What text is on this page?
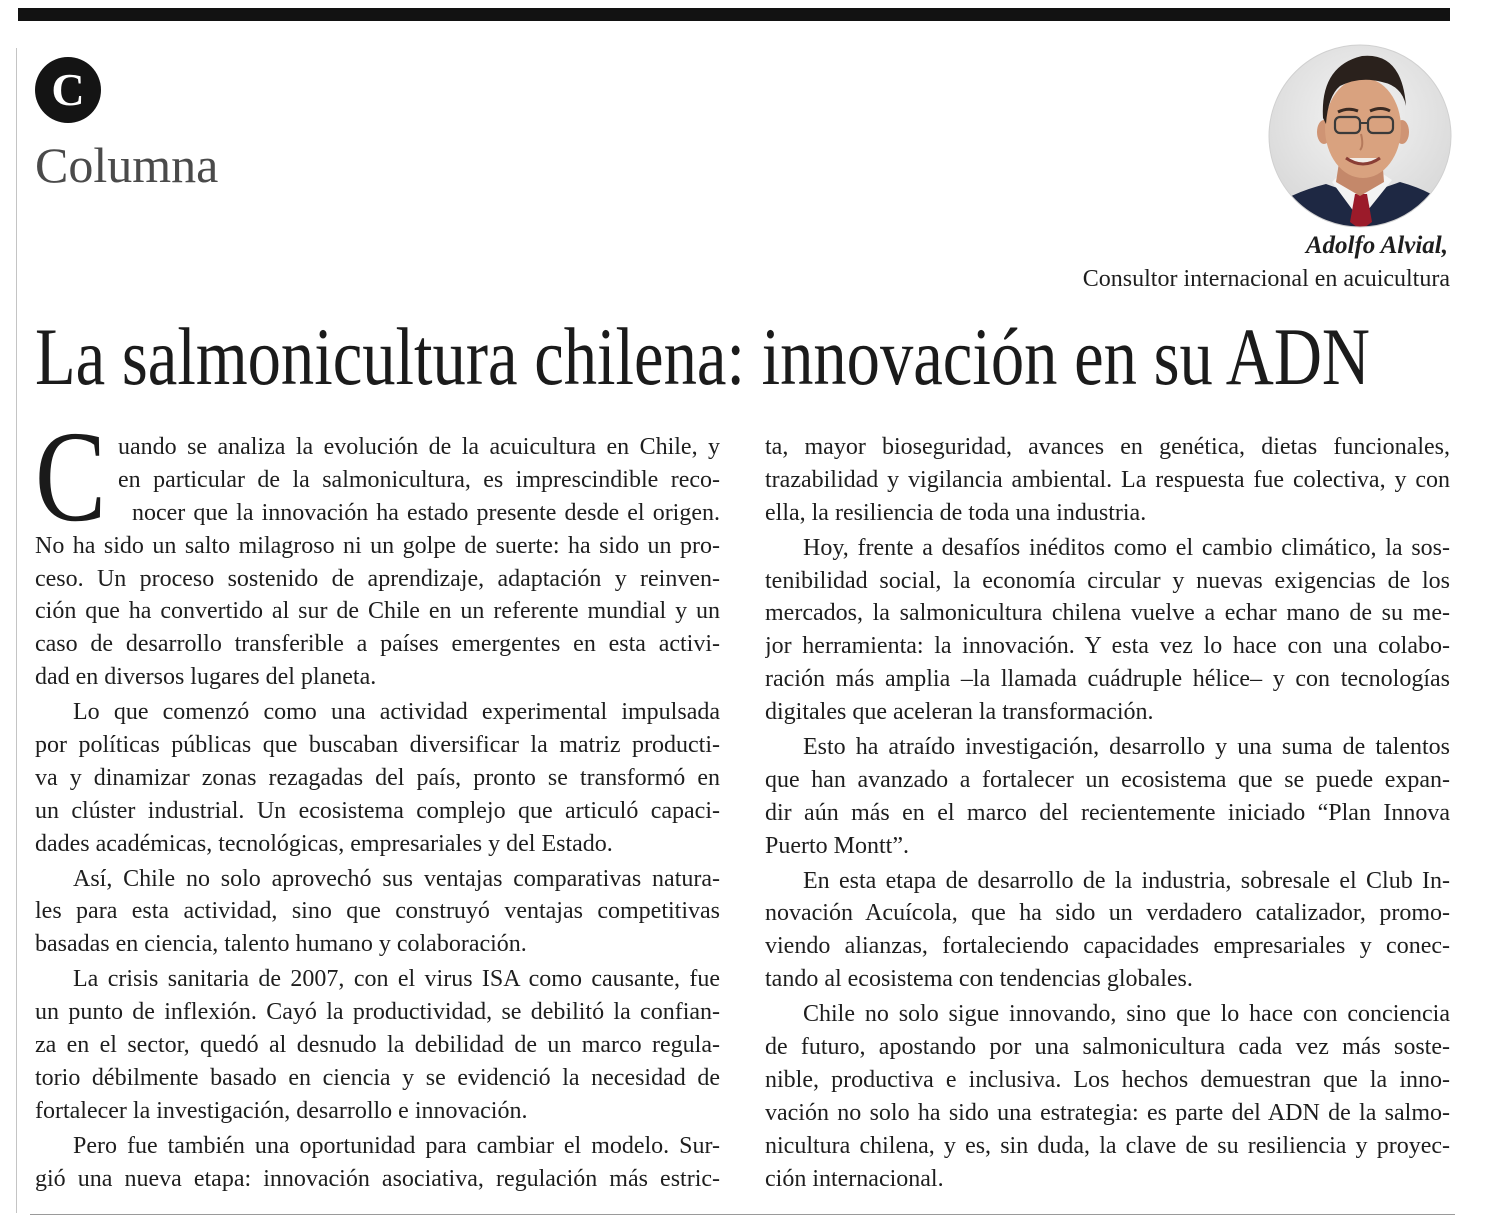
C
Columna
Adolfo Alvial,
Consultor internacional en acuicultura
La salmonicultura chilena: innovación en su ADN
C uando se analiza la evolución de la acuicultura en Chile, y
en particular de la salmonicultura, es imprescindible reco-
nocer que la innovación ha estado presente desde el origen.
No ha sido un salto milagroso ni un golpe de suerte: ha sido un pro-
ceso. Un proceso sostenido de aprendizaje, adaptación y reinven-
ción que ha convertido al sur de Chile en un referente mundial y un
caso de desarrollo transferible a países emergentes en esta activi-
dad en diversos lugares del planeta.
Lo que comenzó como una actividad experimental impulsada
por políticas públicas que buscaban diversificar la matriz producti-
va y dinamizar zonas rezagadas del país, pronto se transformó en
un clúster industrial. Un ecosistema complejo que articuló capaci-
dades académicas, tecnológicas, empresariales y del Estado.
Así, Chile no solo aprovechó sus ventajas comparativas natura-
les para esta actividad, sino que construyó ventajas competitivas
basadas en ciencia, talento humano y colaboración.
La crisis sanitaria de 2007, con el virus ISA como causante, fue
un punto de inflexión. Cayó la productividad, se debilitó la confian-
za en el sector, quedó al desnudo la debilidad de un marco regula-
torio débilmente basado en ciencia y se evidenció la necesidad de
fortalecer la investigación, desarrollo e innovación.
Pero fue también una oportunidad para cambiar el modelo. Sur-
gió una nueva etapa: innovación asociativa, regulación más estric-
ta, mayor bioseguridad, avances en genética, dietas funcionales,
trazabilidad y vigilancia ambiental. La respuesta fue colectiva, y con
ella, la resiliencia de toda una industria.
Hoy, frente a desafíos inéditos como el cambio climático, la sos-
tenibilidad social, la economía circular y nuevas exigencias de los
mercados, la salmonicultura chilena vuelve a echar mano de su me-
jor herramienta: la innovación. Y esta vez lo hace con una colabo-
ración más amplia –la llamada cuádruple hélice– y con tecnologías
digitales que aceleran la transformación.
Esto ha atraído investigación, desarrollo y una suma de talentos
que han avanzado a fortalecer un ecosistema que se puede expan-
dir aún más en el marco del recientemente iniciado “Plan Innova
Puerto Montt”.
En esta etapa de desarrollo de la industria, sobresale el Club In-
novación Acuícola, que ha sido un verdadero catalizador, promo-
viendo alianzas, fortaleciendo capacidades empresariales y conec-
tando al ecosistema con tendencias globales.
Chile no solo sigue innovando, sino que lo hace con conciencia
de futuro, apostando por una salmonicultura cada vez más soste-
nible, productiva e inclusiva. Los hechos demuestran que la inno-
vación no solo ha sido una estrategia: es parte del ADN de la salmo-
nicultura chilena, y es, sin duda, la clave de su resiliencia y proyec-
ción internacional.
